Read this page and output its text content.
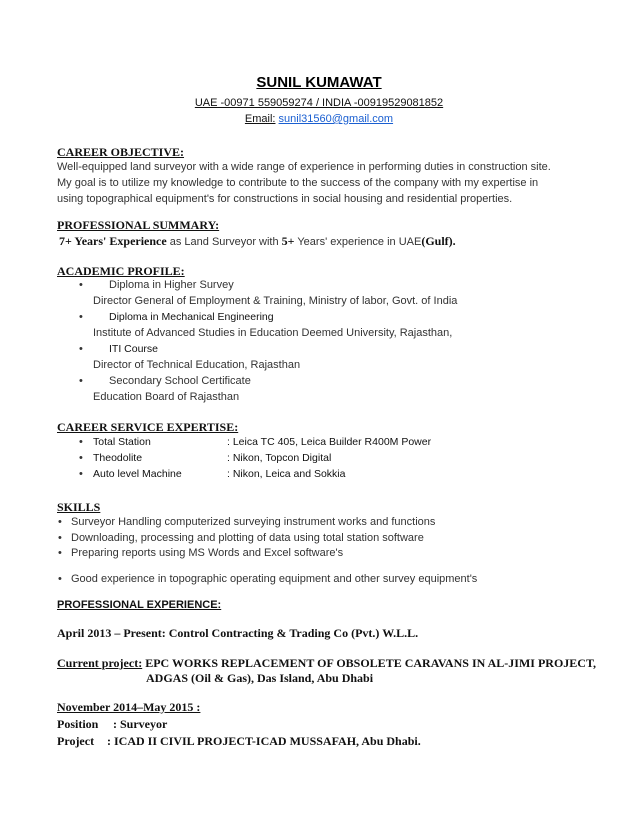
SUNIL KUMAWAT
UAE -00971 559059274 / INDIA -00919529081852
Email: sunil31560@gmail.com
CAREER OBJECTIVE:
Well-equipped land surveyor with a wide range of experience in performing duties in construction site.
My goal is to utilize my knowledge to contribute to the success of the company with my expertise in
using topographical equipment's for constructions in social housing and residential properties.
PROFESSIONAL SUMMARY:
7+ Years' Experience as Land Surveyor with 5+ Years' experience in UAE(Gulf).
ACADEMIC PROFILE:
• Diploma in Higher Survey
Director General of Employment & Training, Ministry of labor, Govt. of India
• Diploma in Mechanical Engineering
Institute of Advanced Studies in Education Deemed University, Rajasthan,
• ITI Course
Director of Technical Education, Rajasthan
• Secondary School Certificate
Education Board of Rajasthan
CAREER SERVICE EXPERTISE:
• Total Station	: Leica TC 405, Leica Builder R400M Power
• Theodolite	: Nikon, Topcon Digital
• Auto level Machine	: Nikon, Leica and Sokkia
SKILLS
• Surveyor Handling computerized surveying instrument works and functions
• Downloading, processing and plotting of data using total station software
• Preparing reports using MS Words and Excel software's
• Good experience in topographic operating equipment and other survey equipment's
PROFESSIONAL EXPERIENCE:
April 2013 – Present: Control Contracting & Trading Co (Pvt.) W.L.L.
Current project: EPC WORKS REPLACEMENT OF OBSOLETE CARAVANS IN AL-JIMI PROJECT,
ADGAS (Oil & Gas), Das Island, Abu Dhabi
November 2014–May 2015 :
Position : Surveyor
Project : ICAD II CIVIL PROJECT-ICAD MUSSAFAH, Abu Dhabi.
